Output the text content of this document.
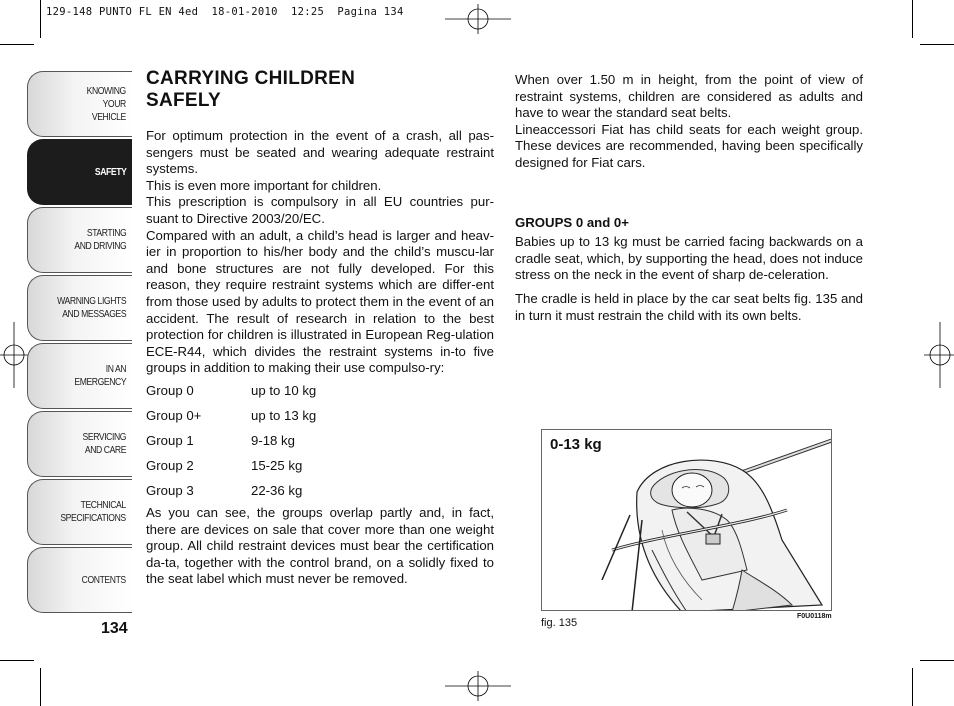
129-148 PUNTO FL EN 4ed  18-01-2010  12:25  Pagina 134
KNOWING
YOUR
VEHICLE
SAFETY
STARTING
AND DRIVING
WARNING LIGHTS
AND MESSAGES
IN AN
EMERGENCY
SERVICING
AND CARE
TECHNICAL
SPECIFICATIONS
CONTENTS
134
CARRYING CHILDREN
SAFELY

For optimum protection in the event of a crash, all pas-sengers must be seated and wearing adequate restraint systems.

This is even more important for children.

This prescription is compulsory in all EU countries pur-suant to Directive 2003/20/EC.

Compared with an adult, a child’s head is larger and heav-ier in proportion to his/her body and the child’s muscu-lar and bone structures are not fully developed. For this reason, they require restraint systems which are differ-ent from those used by adults to protect them in the event of an accident. The result of research in relation to the best protection for children is illustrated in European Reg-ulation ECE-R44, which divides the restraint systems in-to five groups in addition to making their use compulso-ry:

Group 0	up to 10 kg
Group 0+	up to 13 kg
Group 1	9-18 kg
Group 2	15-25 kg
Group 3	22-36 kg

As you can see, the groups overlap partly and, in fact, there are devices on sale that cover more than one weight group. All child restraint devices must bear the certification da-ta, together with the control brand, on a solidly fixed to the seat label which must never be removed.

When over 1.50 m in height, from the point of view of restraint systems, children are considered as adults and have to wear the standard seat belts.

Lineaccessori Fiat has child seats for each weight group. These devices are recommended, having been specifically designed for Fiat cars.

GROUPS 0 and 0+

Babies up to 13 kg must be carried facing backwards on a cradle seat, which, by supporting the head, does not induce stress on the neck in the event of sharp de-celeration.

The cradle is held in place by the car seat belts fig. 135 and in turn it must restrain the child with its own belts.

0-13 kg
fig. 135
F0U0118m
